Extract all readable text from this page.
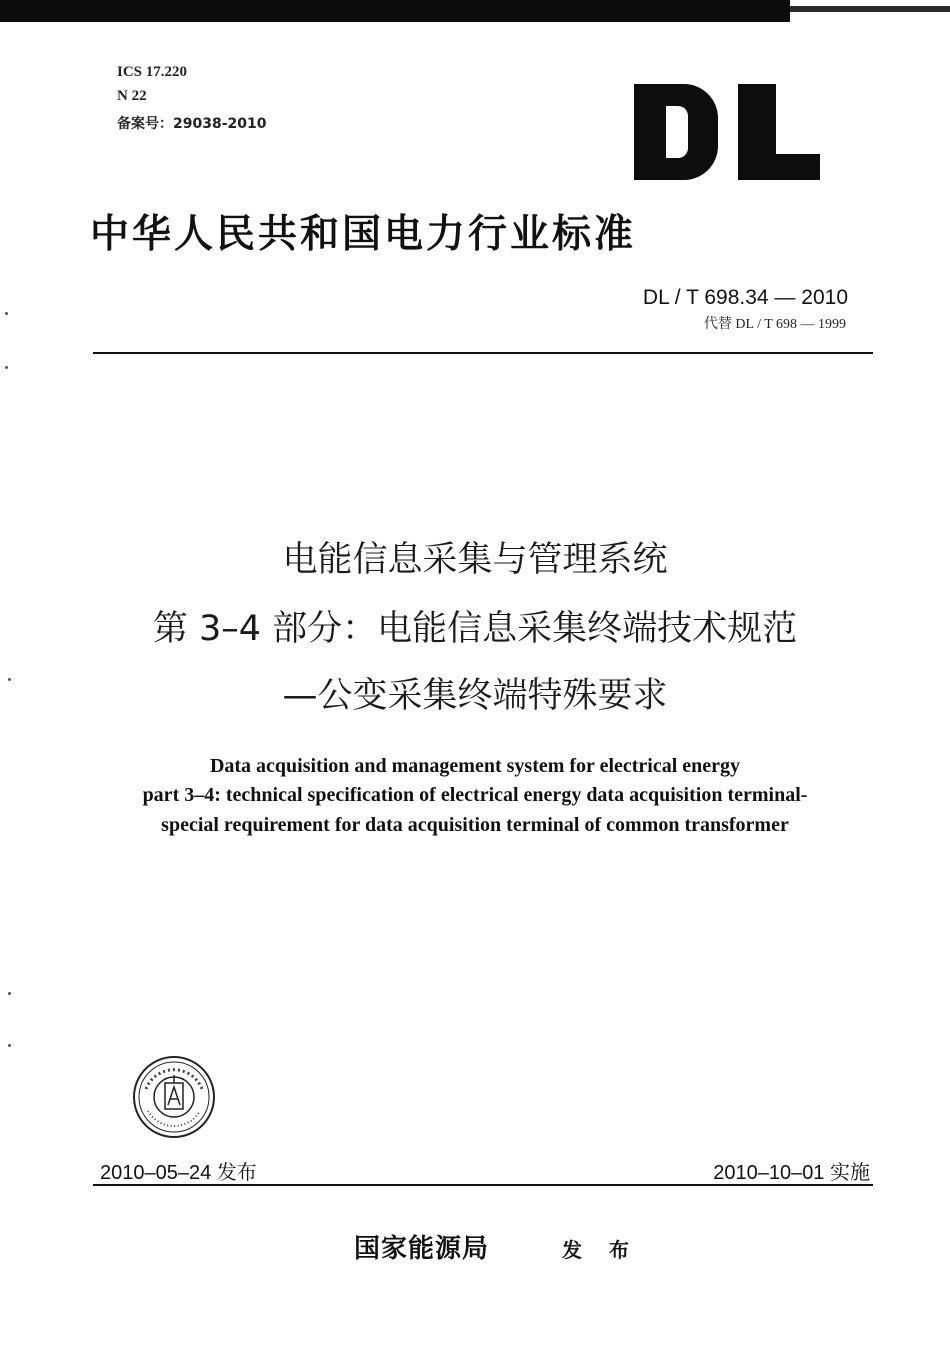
ICS 17.220
N 22
备案号：29038-2010
中华人民共和国电力行业标准
DL / T 698.34 — 2010
代替 DL / T 698 — 1999
电能信息采集与管理系统
第 3–4 部分：电能信息采集终端技术规范
—公变采集终端特殊要求
Data acquisition and management system for electrical energy
part 3–4: technical specification of electrical energy data acquisition terminal-
special requirement for data acquisition terminal of common transformer
2010–05–24 发布	2010–10–01 实施
国家能源局	发 布
